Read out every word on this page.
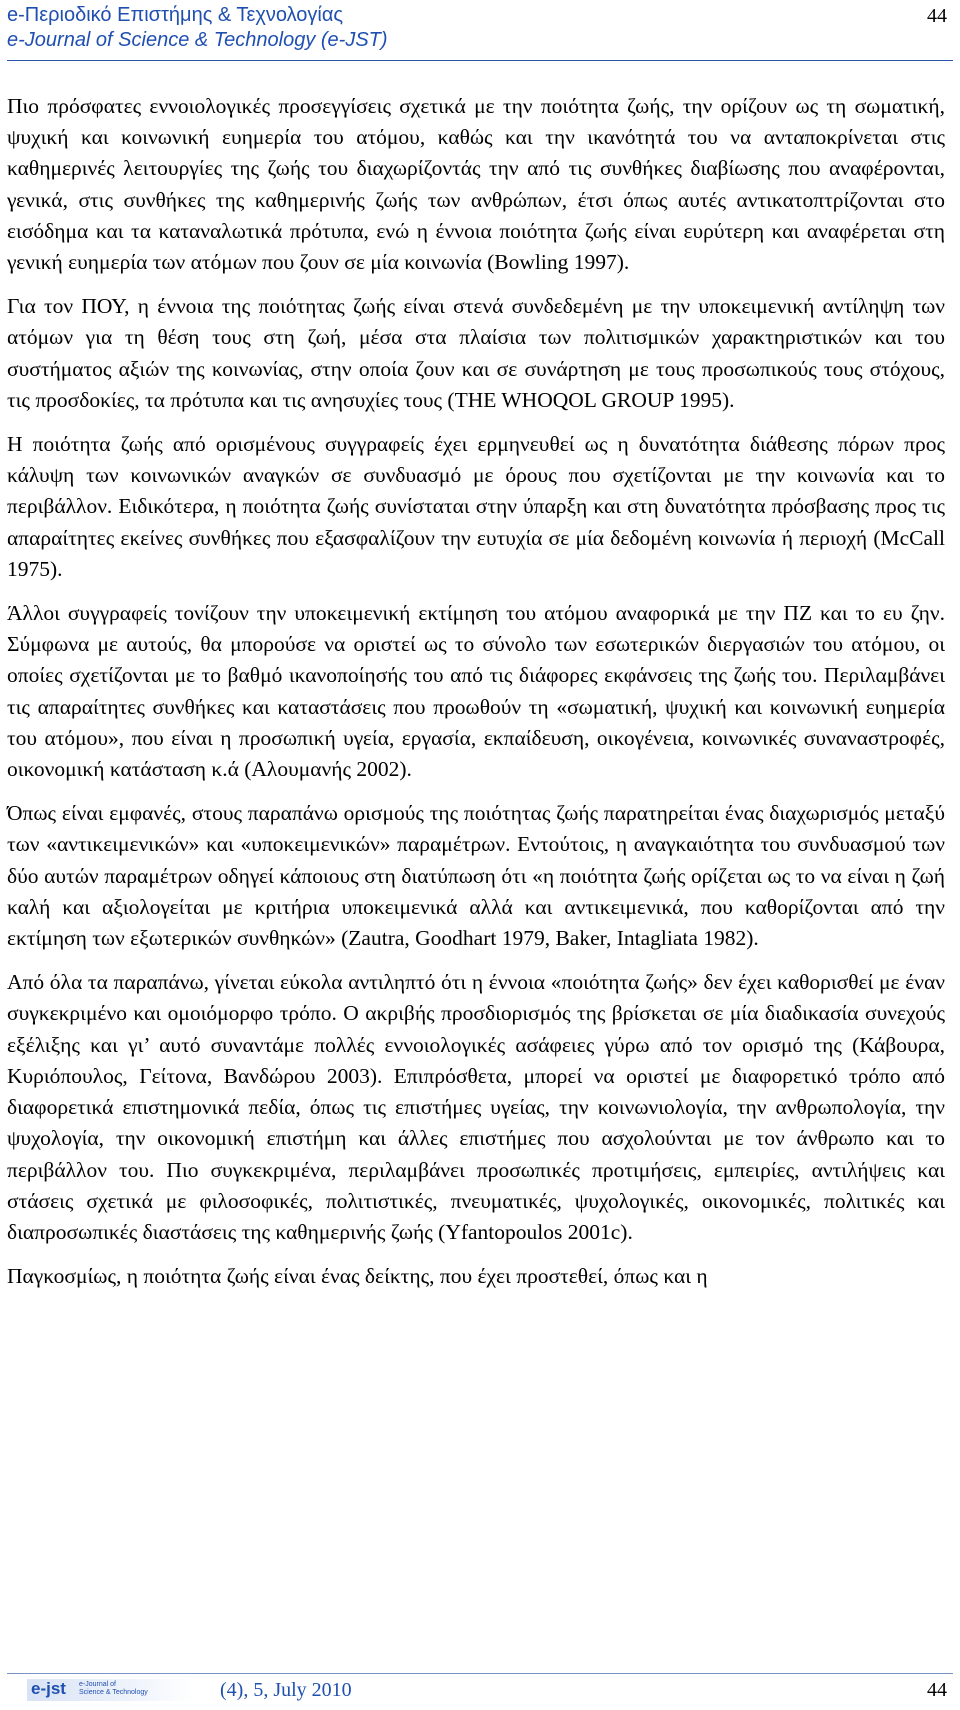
e-Περιοδικό Επιστήμης & Τεχνολογίας
e-Journal of Science & Technology (e-JST)
44

Πιο πρόσφατες εννοιολογικές προσεγγίσεις σχετικά με την ποιότητα ζωής, την ορίζουν ως τη σωματική, ψυχική και κοινωνική ευημερία του ατόμου, καθώς και την ικανότητά του να ανταποκρίνεται στις καθημερινές λειτουργίες της ζωής του διαχωρίζοντάς την από τις συνθήκες διαβίωσης που αναφέρονται, γενικά, στις συνθήκες της καθημερινής ζωής των ανθρώπων, έτσι όπως αυτές αντικατοπτρίζονται στο εισόδημα και τα καταναλωτικά πρότυπα, ενώ η έννοια ποιότητα ζωής είναι ευρύτερη και αναφέρεται στη γενική ευημερία των ατόμων που ζουν σε μία κοινωνία (Bowling 1997).

Για τον ΠΟΥ, η έννοια της ποιότητας ζωής είναι στενά συνδεδεμένη με την υποκειμενική αντίληψη των ατόμων για τη θέση τους στη ζωή, μέσα στα πλαίσια των πολιτισμικών χαρακτηριστικών και του συστήματος αξιών της κοινωνίας, στην οποία ζουν και σε συνάρτηση με τους προσωπικούς τους στόχους, τις προσδοκίες, τα πρότυπα και τις ανησυχίες τους (THE WHOQOL GROUP 1995).

Η ποιότητα ζωής από ορισμένους συγγραφείς έχει ερμηνευθεί ως η δυνατότητα διάθεσης πόρων προς κάλυψη των κοινωνικών αναγκών σε συνδυασμό με όρους που σχετίζονται με την κοινωνία και το περιβάλλον. Ειδικότερα, η ποιότητα ζωής συνίσταται στην ύπαρξη και στη δυνατότητα πρόσβασης προς τις απαραίτητες εκείνες συνθήκες που εξασφαλίζουν την ευτυχία σε μία δεδομένη κοινωνία ή περιοχή (McCall 1975).

Άλλοι συγγραφείς τονίζουν την υποκειμενική εκτίμηση του ατόμου αναφορικά με την ΠΖ και το ευ ζην. Σύμφωνα με αυτούς, θα μπορούσε να οριστεί ως το σύνολο των εσωτερικών διεργασιών του ατόμου, οι οποίες σχετίζονται με το βαθμό ικανοποίησής του από τις διάφορες εκφάνσεις της ζωής του. Περιλαμβάνει τις απαραίτητες συνθήκες και καταστάσεις που προωθούν τη «σωματική, ψυχική και κοινωνική ευημερία του ατόμου», που είναι η προσωπική υγεία, εργασία, εκπαίδευση, οικογένεια, κοινωνικές συναναστροφές, οικονομική κατάσταση κ.ά (Αλουμανής 2002).

Όπως είναι εμφανές, στους παραπάνω ορισμούς της ποιότητας ζωής παρατηρείται ένας διαχωρισμός μεταξύ των «αντικειμενικών» και «υποκειμενικών» παραμέτρων. Εντούτοις, η αναγκαιότητα του συνδυασμού των δύο αυτών παραμέτρων οδηγεί κάποιους στη διατύπωση ότι «η ποιότητα ζωής ορίζεται ως το να είναι η ζωή καλή και αξιολογείται με κριτήρια υποκειμενικά αλλά και αντικειμενικά, που καθορίζονται από την εκτίμηση των εξωτερικών συνθηκών» (Zautra, Goodhart 1979, Baker, Intagliata 1982).

Από όλα τα παραπάνω, γίνεται εύκολα αντιληπτό ότι η έννοια «ποιότητα ζωής» δεν έχει καθορισθεί με έναν συγκεκριμένο και ομοιόμορφο τρόπο. Ο ακριβής προσδιορισμός της βρίσκεται σε μία διαδικασία συνεχούς εξέλιξης και γι’ αυτό συναντάμε πολλές εννοιολογικές ασάφειες γύρω από τον ορισμό της (Κάβουρα, Κυριόπουλος, Γείτονα, Βανδώρου 2003). Επιπρόσθετα, μπορεί να οριστεί με διαφορετικό τρόπο από διαφορετικά επιστημονικά πεδία, όπως τις επιστήμες υγείας, την κοινωνιολογία, την ανθρωπολογία, την ψυχολογία, την οικονομική επιστήμη και άλλες επιστήμες που ασχολούνται με τον άνθρωπο και το περιβάλλον του. Πιο συγκεκριμένα, περιλαμβάνει προσωπικές προτιμήσεις, εμπειρίες, αντιλήψεις και στάσεις σχετικά με φιλοσοφικές, πολιτιστικές, πνευματικές, ψυχολογικές, οικονομικές, πολιτικές και διαπροσωπικές διαστάσεις της καθημερινής ζωής (Yfantopoulos 2001c).

Παγκοσμίως, η ποιότητα ζωής είναι ένας δείκτης, που έχει προστεθεί, όπως και η

e-jst e-Journal of
Science & Technology	(4), 5, July 2010	44
